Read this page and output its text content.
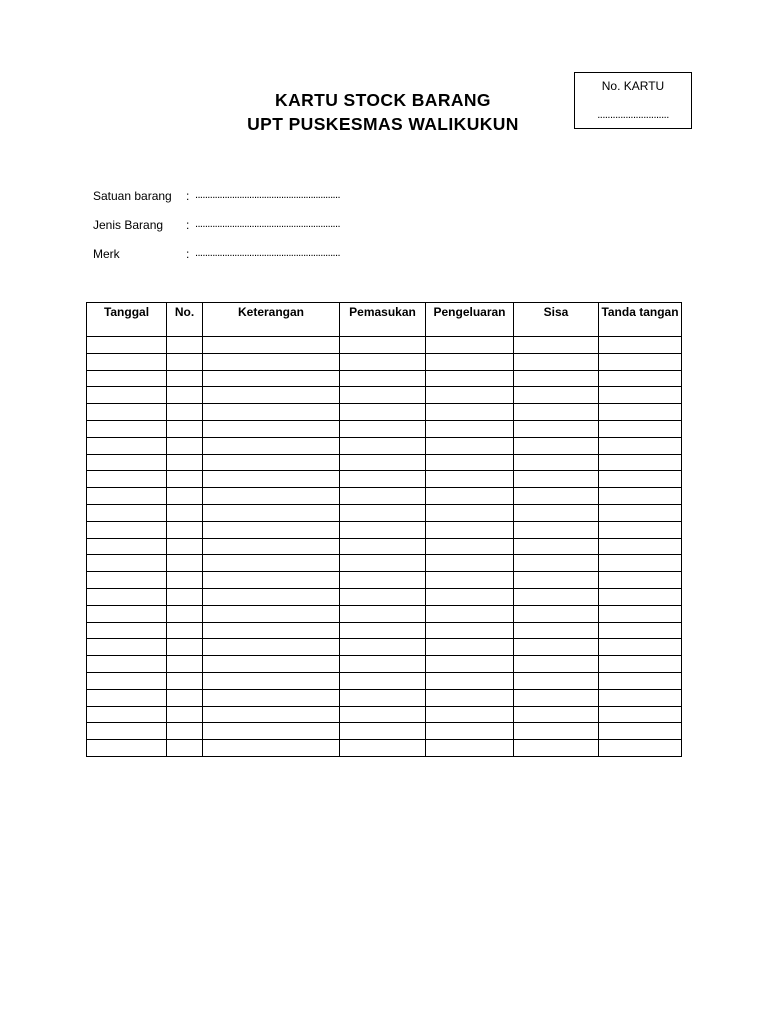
No. KARTU
............................
KARTU STOCK BARANG
UPT PUSKESMAS WALIKUKUN
Satuan barang : ...........................................................
Jenis Barang : ...........................................................
Merk	: ...........................................................
Tanggal	No.	Keterangan	Pemasukan	Pengeluaran	Sisa	Tanda tangan
